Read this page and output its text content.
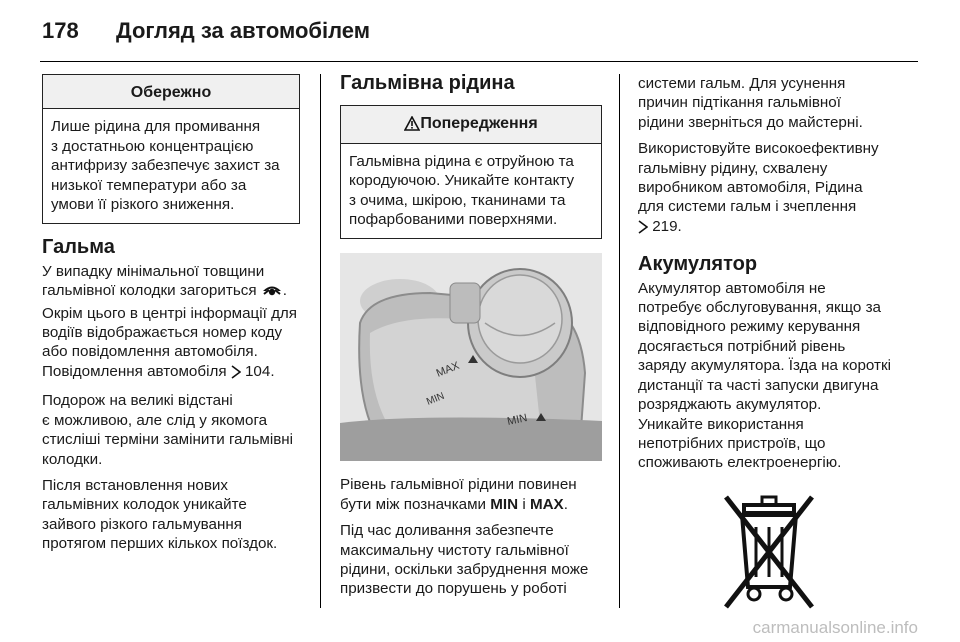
178 Догляд за автомобілем
Обережно
Лише рідина для промивання
з достатньою концентрацією
антифризу забезпечує захист за
низької температури або за
умови її різкого зниження.
Гальма

У випадку мінімальної товщини
гальмівної колодки загориться .
Окрім цього в центрі інформації для
водіїв відображається номер коду
або повідомлення автомобіля.
Повідомлення автомобіля  104.

Подорож на великі відстані
є можливою, але слід у якомога
стисліші терміни замінити гальмівні
колодки.

Після встановлення нових
гальмівних колодок уникайте
зайвого різкого гальмування
протягом перших кількох поїздок.

Гальмівна рідина
Попередження
Гальмівна рідина є отруйною та
кородуючою. Уникайте контакту
з очима, шкірою, тканинами та
пофарбованими поверхнями.
MAX
MIN
MIN

Рівень гальмівної рідини повинен
бути між позначками MIN і MAX.

Під час доливання забезпечте
максимальну чистоту гальмівної
рідини, оскільки забруднення може
призвести до порушень у роботі

системи гальм. Для усунення
причин підтікання гальмівної
рідини зверніться до майстерні.

Використовуйте високоефективну
гальмівну рідину, схвалену
виробником автомобіля, Рідина
для системи гальм і зчеплення
219.

Акумулятор

Акумулятор автомобіля не
потребує обслуговування, якщо за
відповідного режиму керування
досягається потрібний рівень
заряду акумулятора. Їзда на короткі
дистанції та часті запуски двигуна
розряджають акумулятор.
Уникайте використання
непотрібних пристроїв, що
споживають електроенергію.

carmanualsonline.info
